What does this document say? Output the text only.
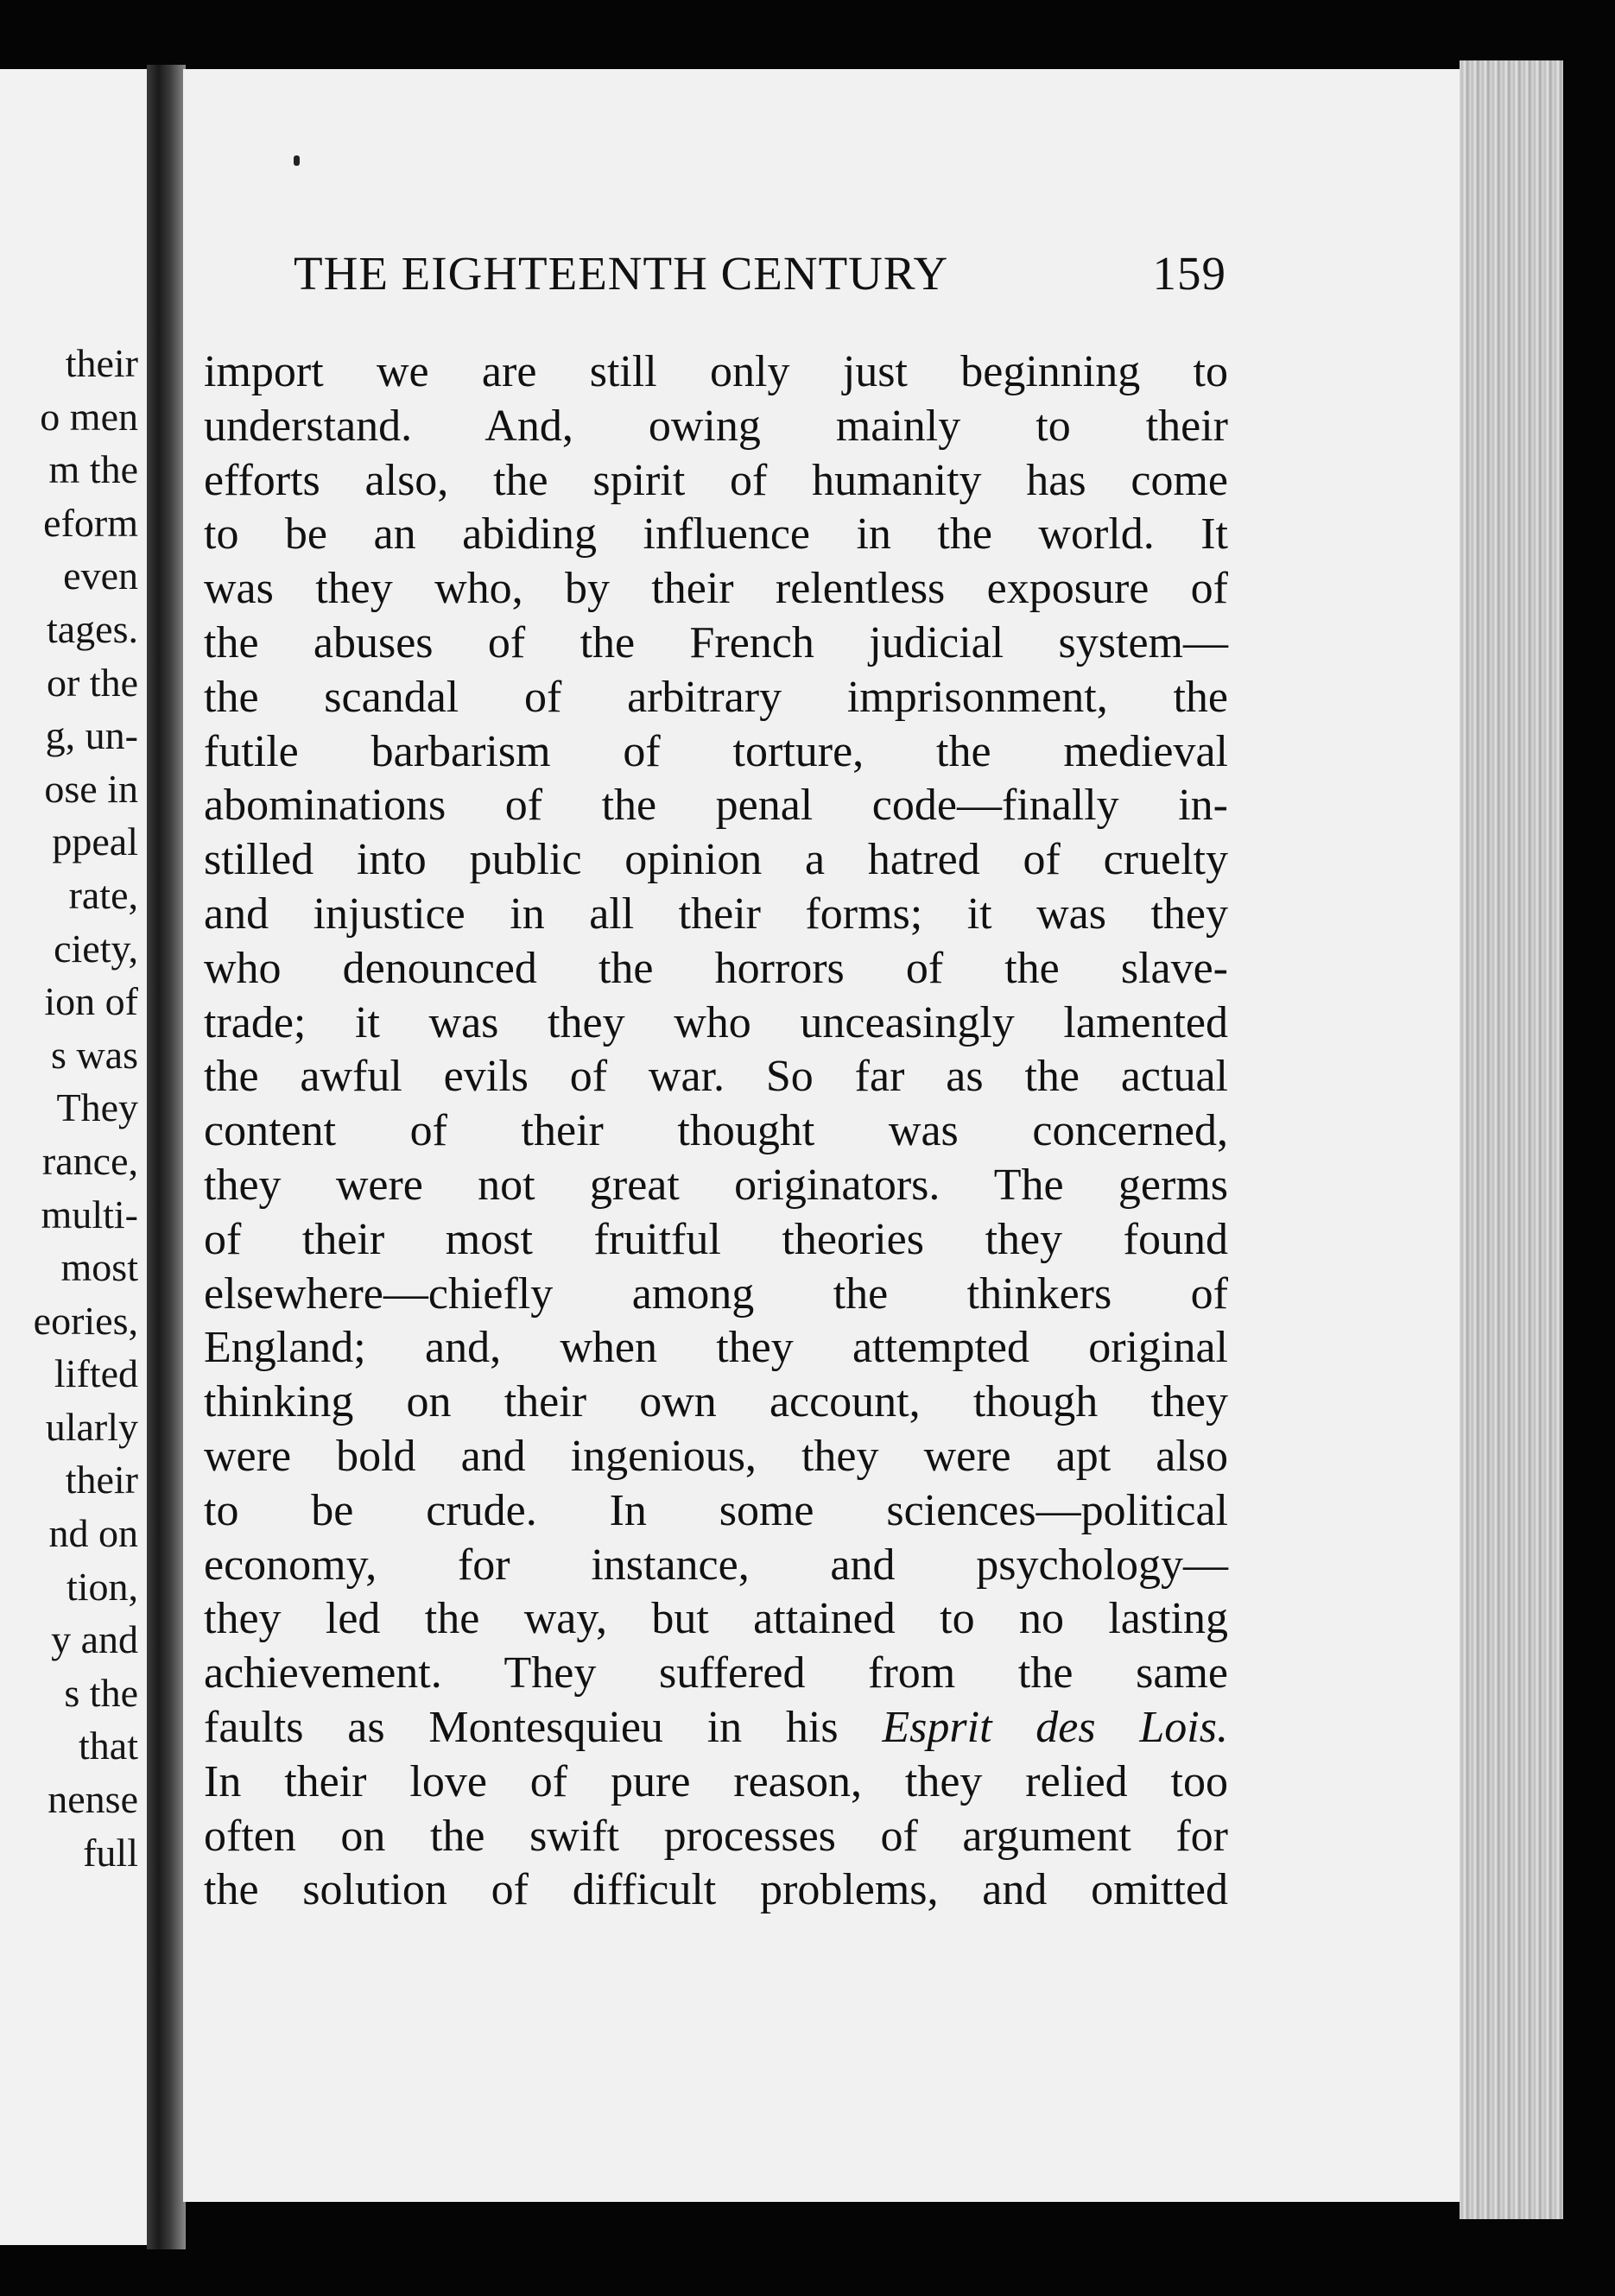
their
o men
m the
eform
even
tages.
or the
g, un-
ose in
ppeal
rate,
ciety,
ion of
s was
They
rance,
multi-
most
eories,
lifted
ularly
their
nd on
tion,
y and
s the
that
nense
full
THE EIGHTEENTH CENTURY	159
import we are still only just beginning to
understand. And, owing mainly to their
efforts also, the spirit of humanity has come
to be an abiding influence in the world. It
was they who, by their relentless exposure of
the abuses of the French judicial system—
the scandal of arbitrary imprisonment, the
futile barbarism of torture, the medieval
abominations of the penal code—finally in-
stilled into public opinion a hatred of cruelty
and injustice in all their forms; it was they
who denounced the horrors of the slave-
trade; it was they who unceasingly lamented
the awful evils of war. So far as the actual
content of their thought was concerned,
they were not great originators. The germs
of their most fruitful theories they found
elsewhere—chiefly among the thinkers of
England; and, when they attempted original
thinking on their own account, though they
were bold and ingenious, they were apt also
to be crude. In some sciences—political
economy, for instance, and psychology—
they led the way, but attained to no lasting
achievement. They suffered from the same
faults as Montesquieu in his Esprit des Lois.
In their love of pure reason, they relied too
often on the swift processes of argument for
the solution of difficult problems, and omitted
